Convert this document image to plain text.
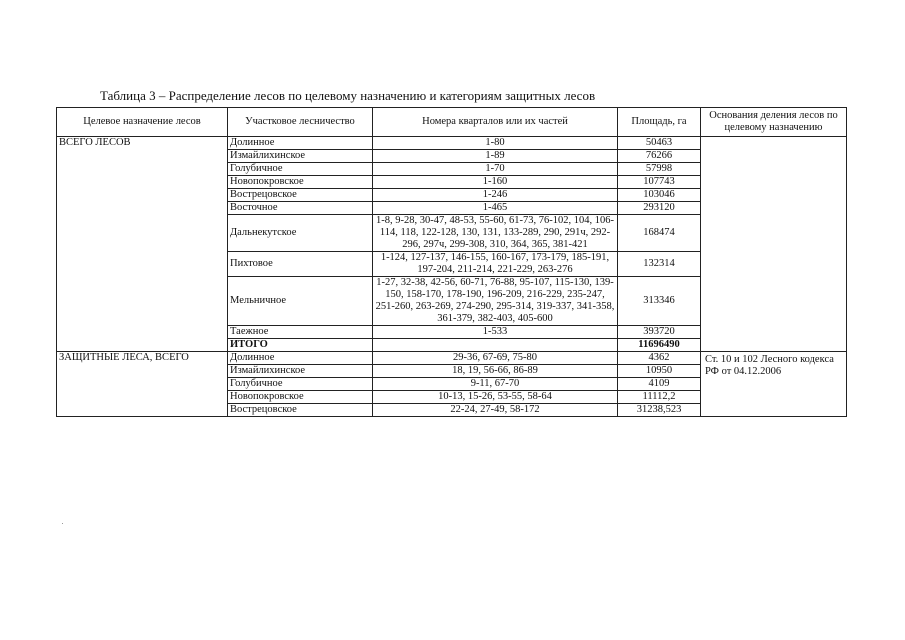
Таблица 3 – Распределение лесов по целевому назначению и категориям защитных лесов
Целевое назначение лесов	Участковое лесничество	Номера кварталов или их частей	Площадь, га	Основания деления лесов по целевому назначению
ВСЕГО ЛЕСОВ	Долинное	1-80	50463	
	Измайлихинское	1-89	76266	
	Голубичное	1-70	57998	
	Новопокровское	1-160	107743	
	Вострецовское	1-246	103046	
	Восточное	1-465	293120	
	Дальнекутское	1-8, 9-28, 30-47, 48-53, 55-60, 61-73, 76-102, 104, 106-114, 118, 122-128, 130, 131, 133-289, 290, 291ч, 292-296, 297ч, 299-308, 310, 364, 365, 381-421	168474	
	Пихтовое	1-124, 127-137, 146-155, 160-167, 173-179, 185-191, 197-204, 211-214, 221-229, 263-276	132314	
	Мельничное	1-27, 32-38, 42-56, 60-71, 76-88, 95-107, 115-130, 139-150, 158-170, 178-190, 196-209, 216-229, 235-247, 251-260, 263-269, 274-290, 295-314, 319-337, 341-358, 361-379, 382-403, 405-600	313346	
	Таежное	1-533	393720	
	ИТОГО		11696490	
ЗАЩИТНЫЕ ЛЕСА, ВСЕГО	Долинное	29-36, 67-69, 75-80	4362	Ст. 10 и 102 Лесного кодекса РФ от 04.12.2006
	Измайлихинское	18, 19, 56-66, 86-89	10950	
	Голубичное	9-11, 67-70	4109	
	Новопокровское	10-13, 15-26, 53-55, 58-64	11112,2	
	Вострецовское	22-24, 27-49, 58-172	31238,523	
